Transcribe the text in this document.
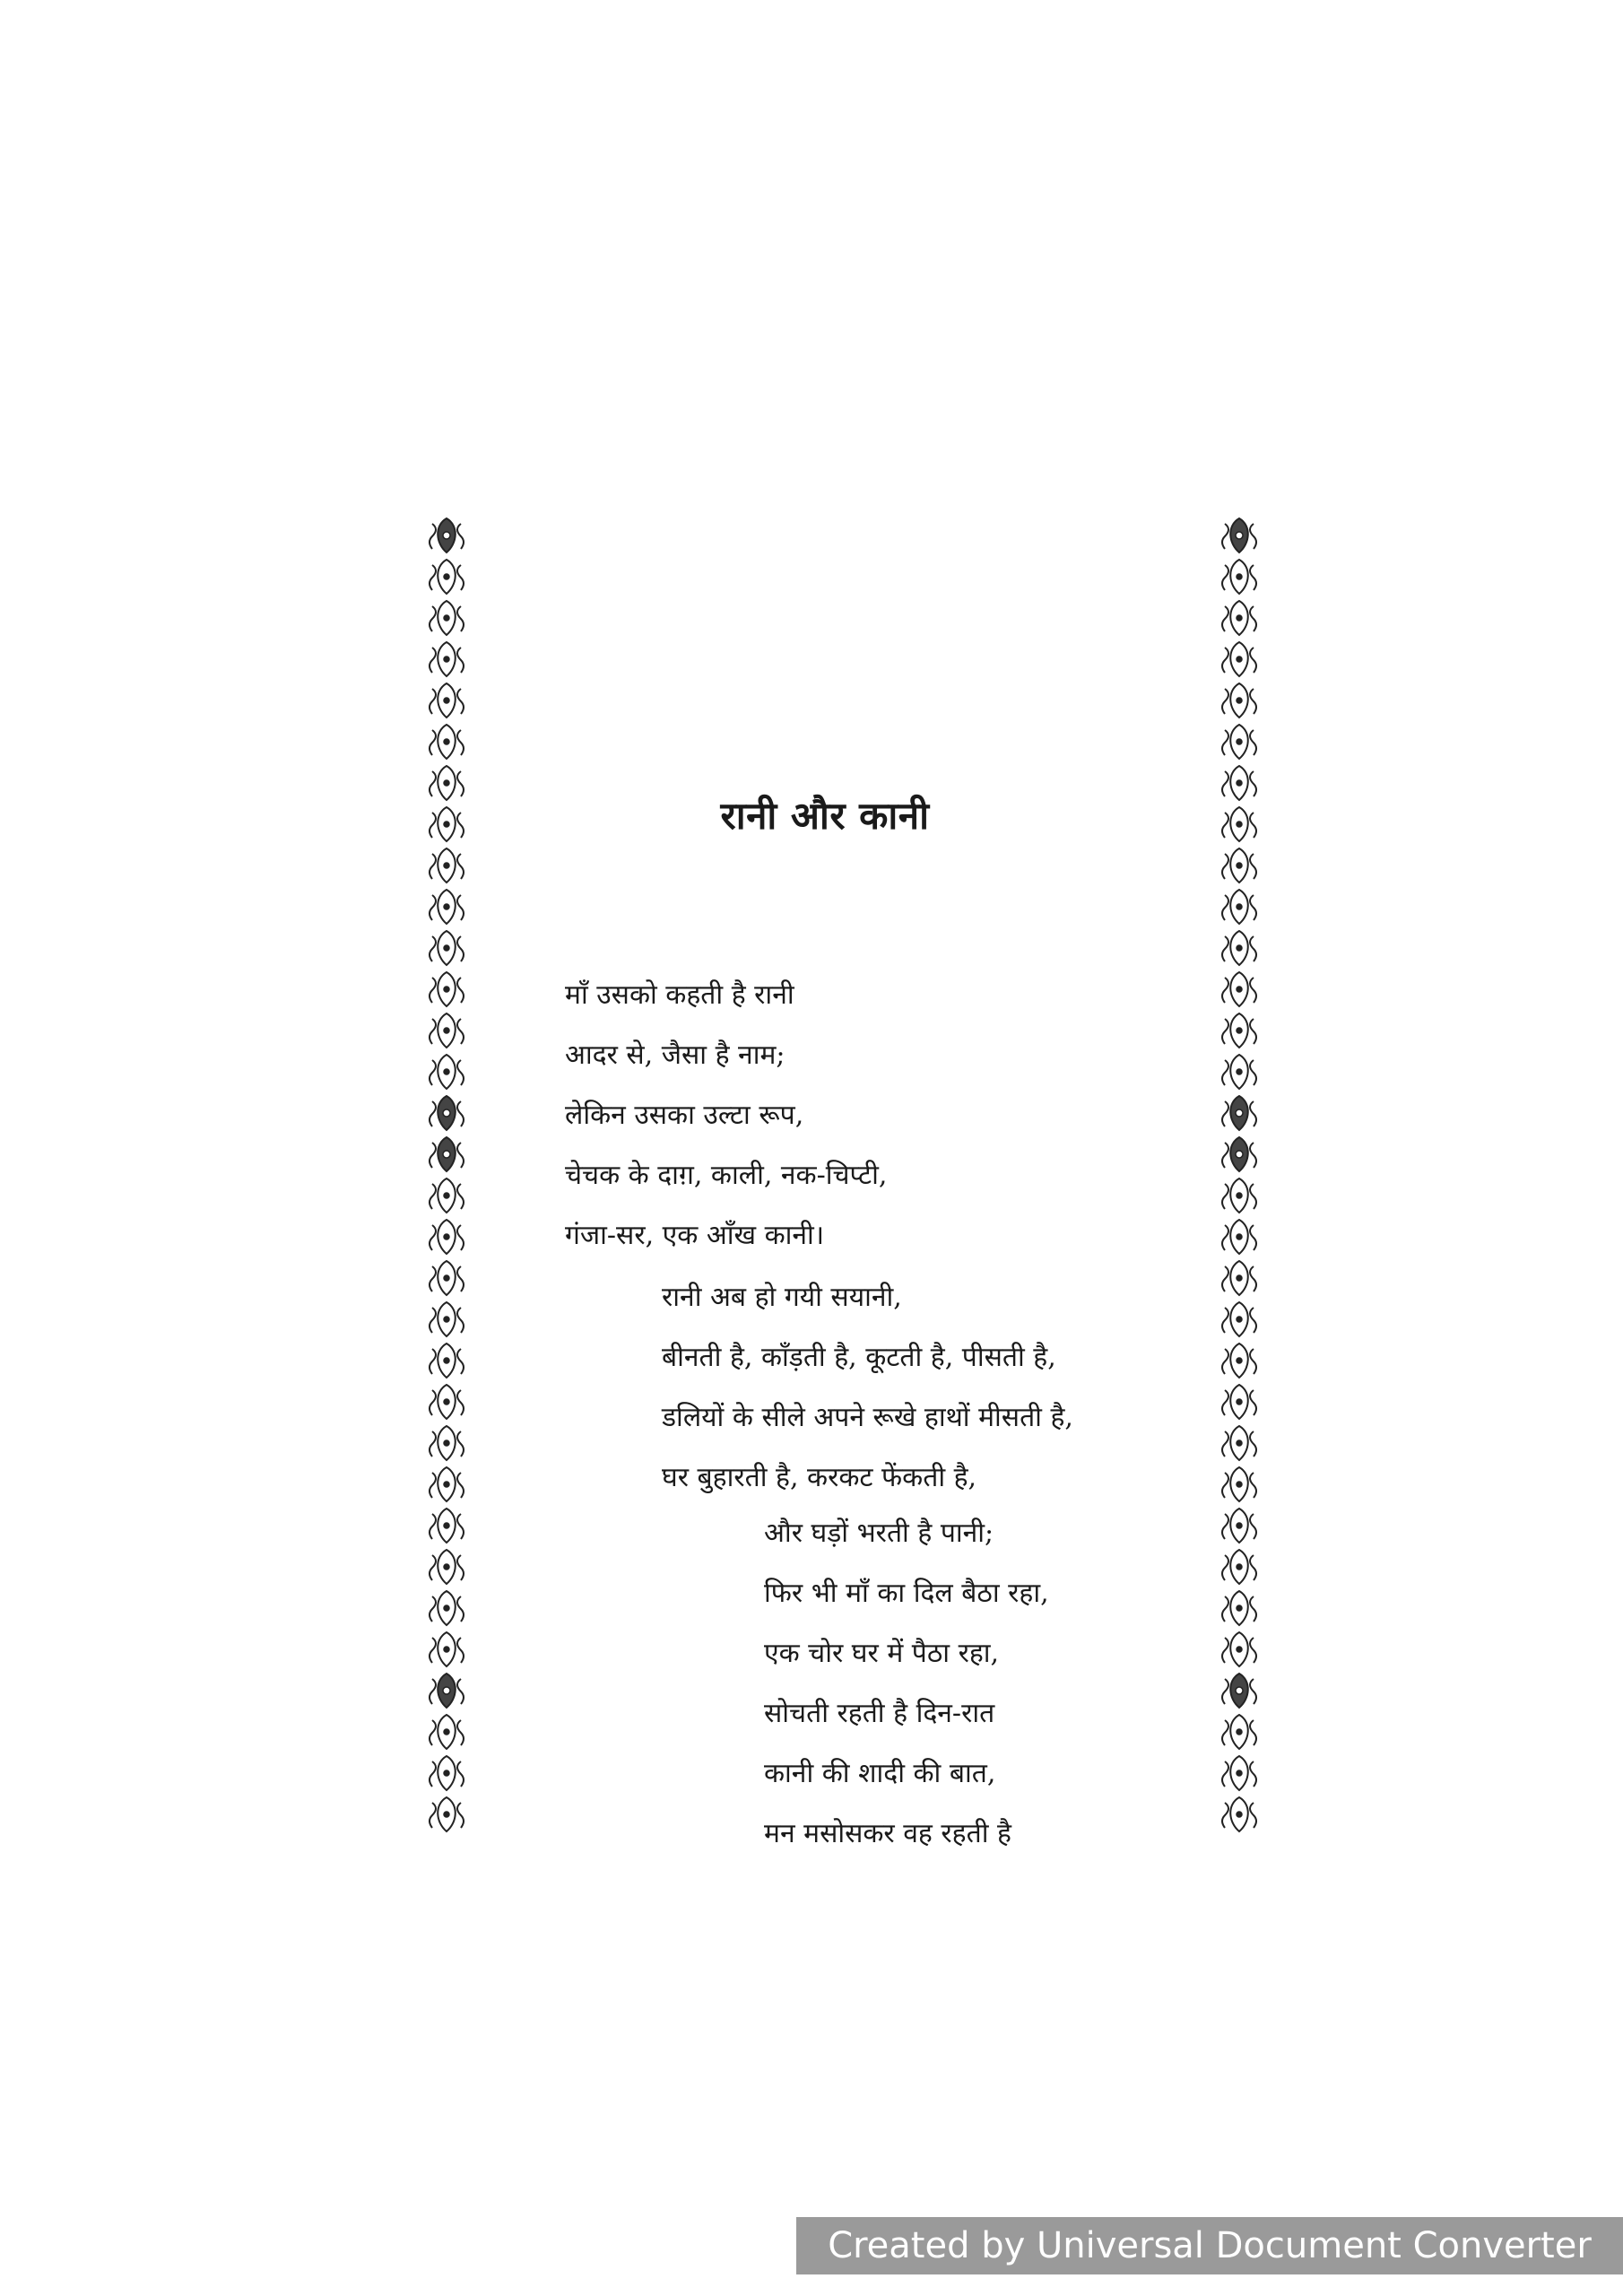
रानी और कानी
माँ उसको कहती है रानी
आदर से, जैसा है नाम;
लेकिन उसका उल्टा रूप,
चेचक के दाग़, काली, नक-चिप्टी,
गंजा-सर, एक आँख कानी।
रानी अब हो गयी सयानी,
बीनती है, काँड़ती है, कूटती है, पीसती है,
डलियों के सीले अपने रूखे हाथों मीसती है,
घर बुहारती है, करकट फेंकती है,
और घड़ों भरती है पानी;
फिर भी माँ का दिल बैठा रहा,
एक चोर घर में पैठा रहा,
सोचती रहती है दिन-रात
कानी की शादी की बात,
मन मसोसकर वह रहती है
Created by Universal Document Converter
